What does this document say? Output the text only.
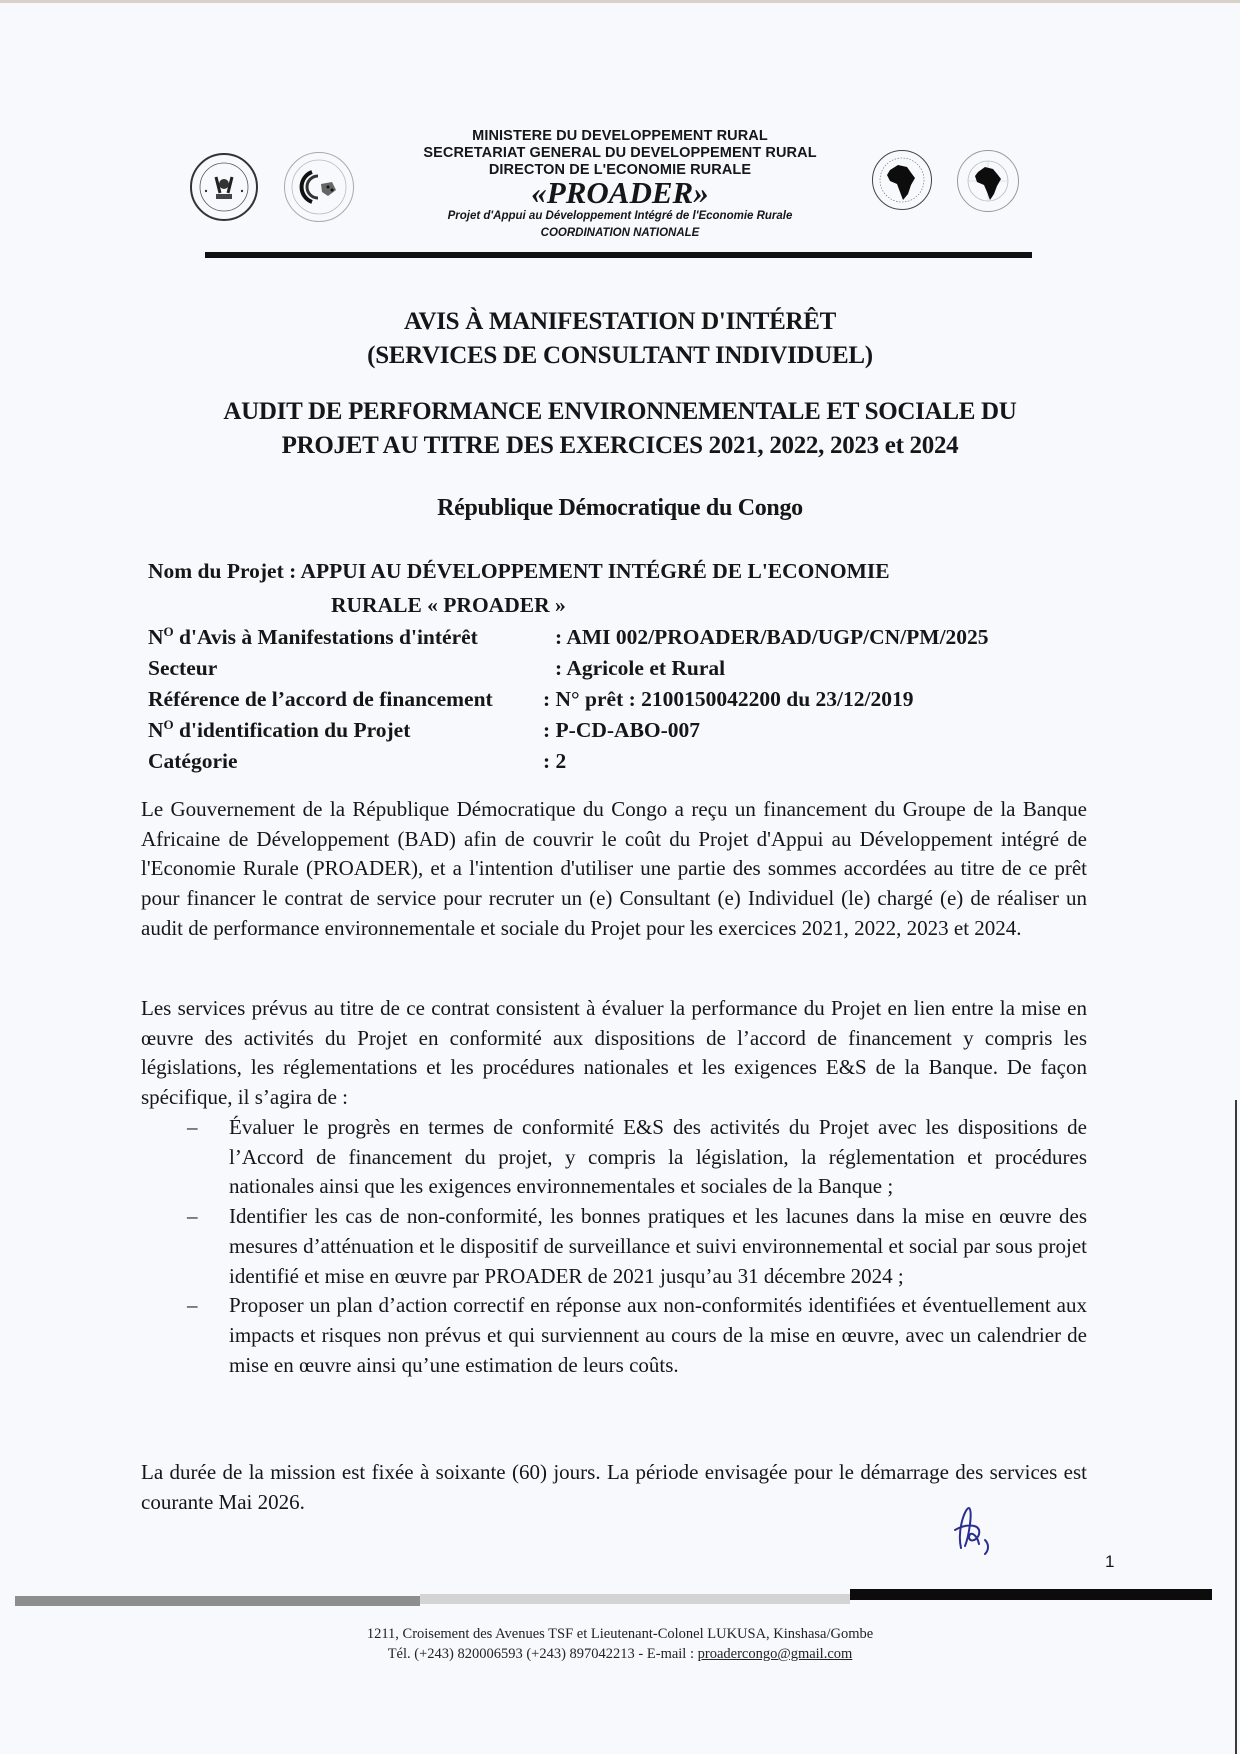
MINISTERE DU DEVELOPPEMENT RURAL
SECRETARIAT GENERAL DU DEVELOPPEMENT RURAL
DIRECTON DE L'ECONOMIE RURALE
«PROADER»
Projet d'Appui au Développement Intégré de l'Economie Rurale
COORDINATION NATIONALE
AVIS À MANIFESTATION D'INTÉRÊT
(SERVICES DE CONSULTANT INDIVIDUEL)
AUDIT DE PERFORMANCE ENVIRONNEMENTALE ET SOCIALE DU
PROJET AU TITRE DES EXERCICES 2021, 2022, 2023 et 2024
République Démocratique du Congo
Nom du Projet : APPUI AU DÉVELOPPEMENT INTÉGRÉ DE L'ECONOMIE
RURALE « PROADER »
$N^O$ d'Avis à Manifestations d'intérêt	: AMI 002/PROADER/BAD/UGP/CN/PM/2025
Secteur	: Agricole et Rural
Référence de l’accord de financement : N° prêt : 2100150042200 du 23/12/2019
$N^O$ d'identification du Projet	: P-CD-ABO-007
Catégorie	: 2
Le Gouvernement de la République Démocratique du Congo a reçu un financement du Groupe de la Banque Africaine de Développement (BAD) afin de couvrir le coût du Projet d'Appui au Développement intégré de l'Economie Rurale (PROADER), et a l'intention d'utiliser une partie des sommes accordées au titre de ce prêt pour financer le contrat de service pour recruter un (e) Consultant (e) Individuel (le) chargé (e) de réaliser un audit de performance environnementale et sociale du Projet pour les exercices 2021, 2022, 2023 et 2024.
Les services prévus au titre de ce contrat consistent à évaluer la performance du Projet en lien entre la mise en œuvre des activités du Projet en conformité aux dispositions de l’accord de financement y compris les législations, les réglementations et les procédures nationales et les exigences E&S de la Banque. De façon spécifique, il s’agira de :
– Évaluer le progrès en termes de conformité E&S des activités du Projet avec les dispositions de l’Accord de financement du projet, y compris la législation, la réglementation et procédures nationales ainsi que les exigences environnementales et sociales de la Banque ;
– Identifier les cas de non-conformité, les bonnes pratiques et les lacunes dans la mise en œuvre des mesures d’atténuation et le dispositif de surveillance et suivi environnemental et social par sous projet identifié et mise en œuvre par PROADER de 2021 jusqu’au 31 décembre 2024 ;
– Proposer un plan d’action correctif en réponse aux non-conformités identifiées et éventuellement aux impacts et risques non prévus et qui surviennent au cours de la mise en œuvre, avec un calendrier de mise en œuvre ainsi qu’une estimation de leurs coûts.
La durée de la mission est fixée à soixante (60) jours. La période envisagée pour le démarrage des services est courante Mai 2026.
1
1211, Croisement des Avenues TSF et Lieutenant-Colonel LUKUSA, Kinshasa/Gombe
Tél. (+243) 820006593 (+243) 897042213 - E-mail : proadercongo@gmail.com
